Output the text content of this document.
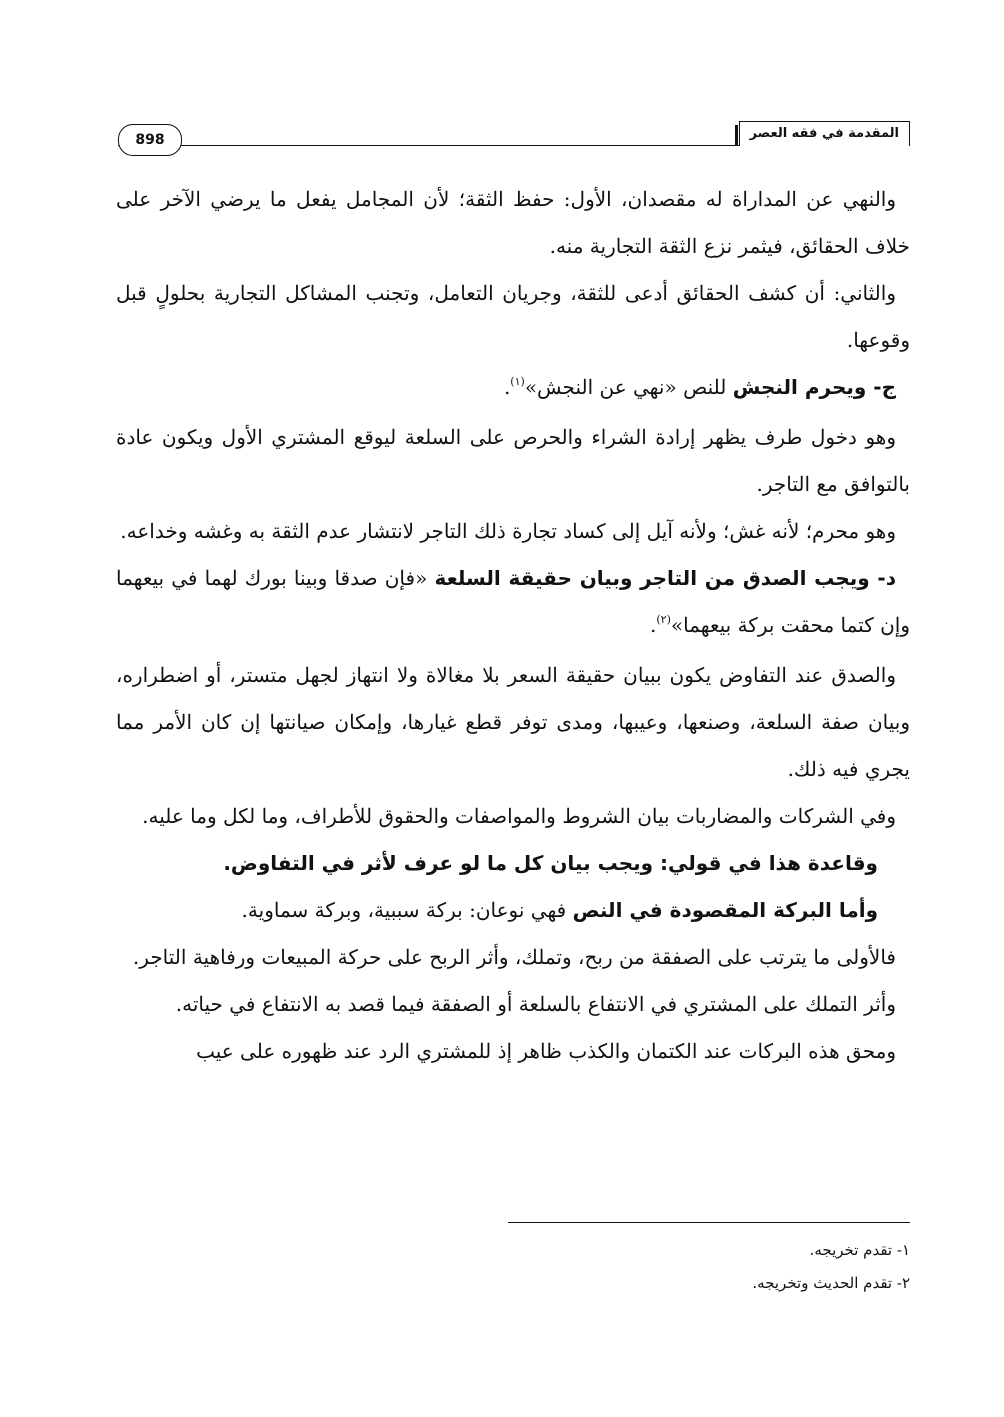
898	المقدمة في فقه العصر

والنهي عن المداراة له مقصدان، الأول: حفظ الثقة؛ لأن المجامل يفعل ما يرضي الآخر على خلاف الحقائق، فيثمر نزع الثقة التجارية منه.

والثاني: أن كشف الحقائق أدعى للثقة، وجريان التعامل، وتجنب المشاكل التجارية بحلولٍ قبل وقوعها.

ج- ويحرم النجش للنص «نهي عن النجش»$^{(١)}$.

وهو دخول طرف يظهر إرادة الشراء والحرص على السلعة ليوقع المشتري الأول ويكون عادة بالتوافق مع التاجر.

وهو محرم؛ لأنه غش؛ ولأنه آيل إلى كساد تجارة ذلك التاجر لانتشار عدم الثقة به وغشه وخداعه.

د- ويجب الصدق من التاجر وبيان حقيقة السلعة «فإن صدقا وبينا بورك لهما في بيعهما وإن كتما محقت بركة بيعهما»$^{(٢)}$.

والصدق عند التفاوض يكون ببيان حقيقة السعر بلا مغالاة ولا انتهاز لجهل متستر، أو اضطراره، وبيان صفة السلعة، وصنعها، وعيبها، ومدى توفر قطع غيارها، وإمكان صيانتها إن كان الأمر مما يجري فيه ذلك.

وفي الشركات والمضاربات بيان الشروط والمواصفات والحقوق للأطراف، وما لكل وما عليه.

وقاعدة هذا في قولي: ويجب بيان كل ما لو عرف لأثر في التفاوض.

وأما البركة المقصودة في النص فهي نوعان: بركة سببية، وبركة سماوية.

فالأولى ما يترتب على الصفقة من ربح، وتملك، وأثر الربح على حركة المبيعات ورفاهية التاجر.

وأثر التملك على المشتري في الانتفاع بالسلعة أو الصفقة فيما قصد به الانتفاع في حياته.

ومحق هذه البركات عند الكتمان والكذب ظاهر إذ للمشتري الرد عند ظهوره على عيب

١- تقدم تخريجه.

٢- تقدم الحديث وتخريجه.
